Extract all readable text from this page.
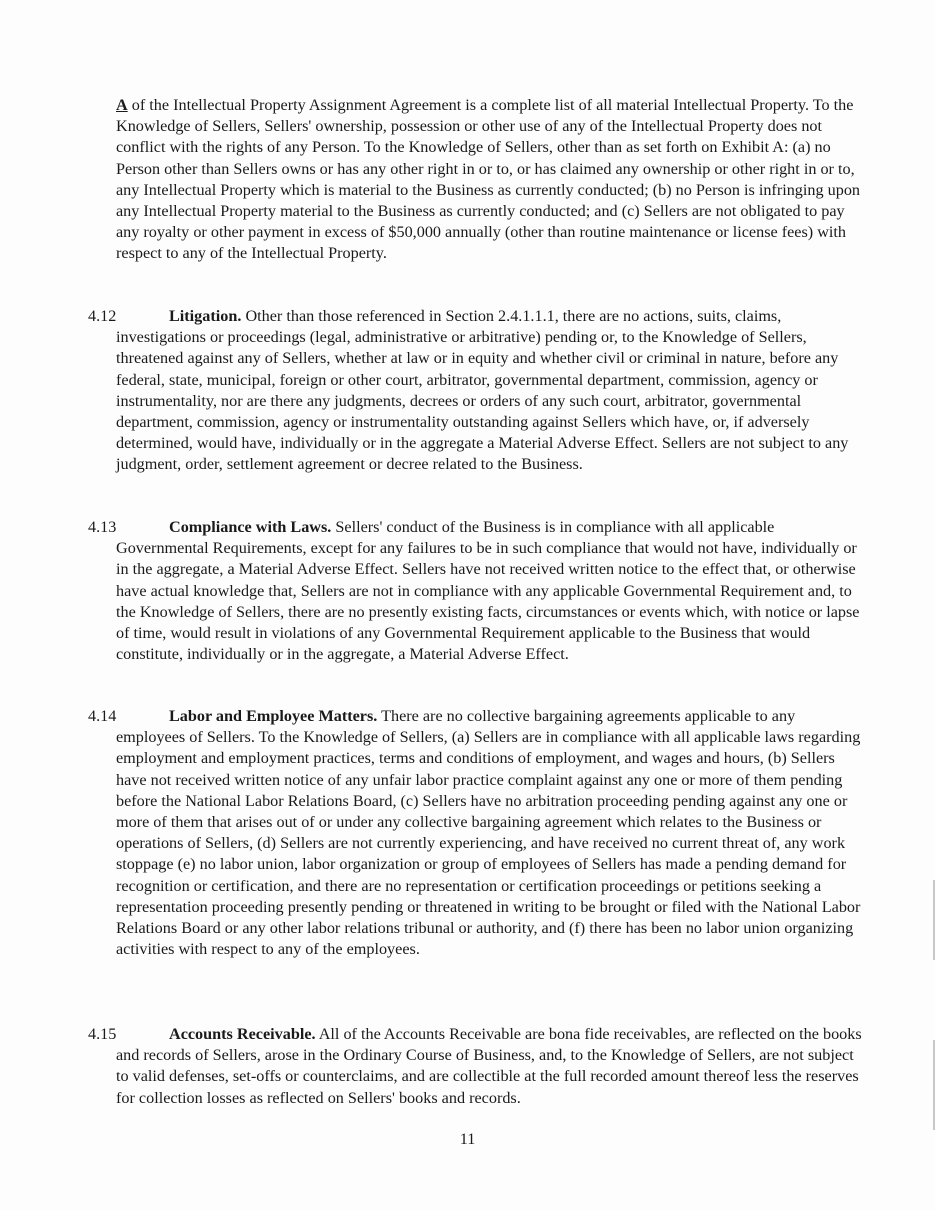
A of the Intellectual Property Assignment Agreement is a complete list of all material Intellectual Property. To the Knowledge of Sellers, Sellers' ownership, possession or other use of any of the Intellectual Property does not conflict with the rights of any Person. To the Knowledge of Sellers, other than as set forth on Exhibit A: (a) no Person other than Sellers owns or has any other right in or to, or has claimed any ownership or other right in or to, any Intellectual Property which is material to the Business as currently conducted; (b) no Person is infringing upon any Intellectual Property material to the Business as currently conducted; and (c) Sellers are not obligated to pay any royalty or other payment in excess of $50,000 annually (other than routine maintenance or license fees) with respect to any of the Intellectual Property.

4.12	Litigation. Other than those referenced in Section 2.4.1.1.1, there are no actions, suits, claims, investigations or proceedings (legal, administrative or arbitrative) pending or, to the Knowledge of Sellers, threatened against any of Sellers, whether at law or in equity and whether civil or criminal in nature, before any federal, state, municipal, foreign or other court, arbitrator, governmental department, commission, agency or instrumentality, nor are there any judgments, decrees or orders of any such court, arbitrator, governmental department, commission, agency or instrumentality outstanding against Sellers which have, or, if adversely determined, would have, individually or in the aggregate a Material Adverse Effect. Sellers are not subject to any judgment, order, settlement agreement or decree related to the Business.

4.13	Compliance with Laws. Sellers' conduct of the Business is in compliance with all applicable Governmental Requirements, except for any failures to be in such compliance that would not have, individually or in the aggregate, a Material Adverse Effect. Sellers have not received written notice to the effect that, or otherwise have actual knowledge that, Sellers are not in compliance with any applicable Governmental Requirement and, to the Knowledge of Sellers, there are no presently existing facts, circumstances or events which, with notice or lapse of time, would result in violations of any Governmental Requirement applicable to the Business that would constitute, individually or in the aggregate, a Material Adverse Effect.

4.14	Labor and Employee Matters. There are no collective bargaining agreements applicable to any employees of Sellers. To the Knowledge of Sellers, (a) Sellers are in compliance with all applicable laws regarding employment and employment practices, terms and conditions of employment, and wages and hours, (b) Sellers have not received written notice of any unfair labor practice complaint against any one or more of them pending before the National Labor Relations Board, (c) Sellers have no arbitration proceeding pending against any one or more of them that arises out of or under any collective bargaining agreement which relates to the Business or operations of Sellers, (d) Sellers are not currently experiencing, and have received no current threat of, any work stoppage (e) no labor union, labor organization or group of employees of Sellers has made a pending demand for recognition or certification, and there are no representation or certification proceedings or petitions seeking a representation proceeding presently pending or threatened in writing to be brought or filed with the National Labor Relations Board or any other labor relations tribunal or authority, and (f) there has been no labor union organizing activities with respect to any of the employees.

4.15	Accounts Receivable. All of the Accounts Receivable are bona fide receivables, are reflected on the books and records of Sellers, arose in the Ordinary Course of Business, and, to the Knowledge of Sellers, are not subject to valid defenses, set-offs or counterclaims, and are collectible at the full recorded amount thereof less the reserves for collection losses as reflected on Sellers' books and records.

11
